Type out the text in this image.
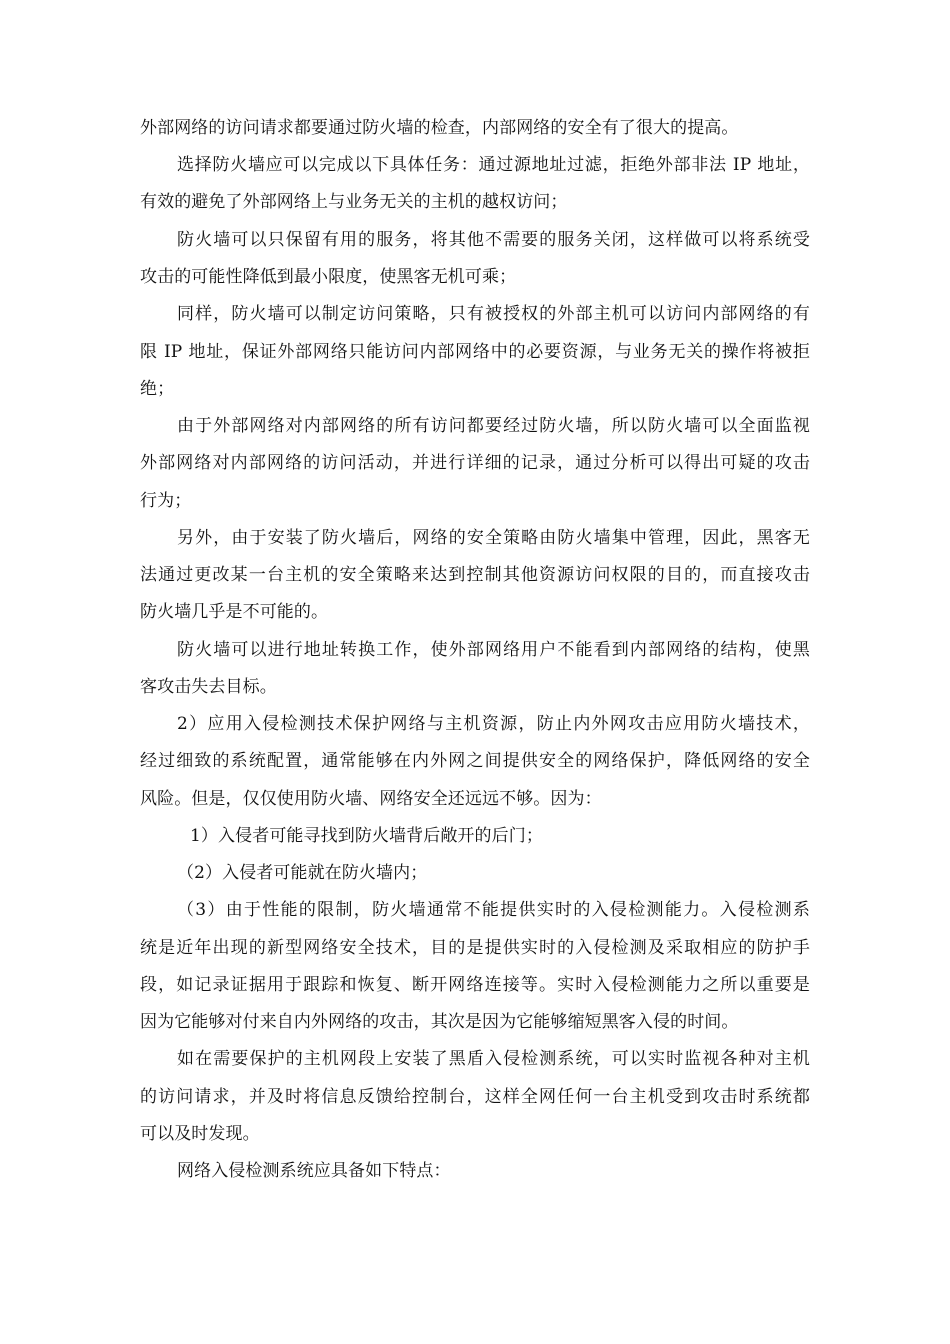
外部网络的访问请求都要通过防火墙的检查，内部网络的安全有了很大的提高。
选择防火墙应可以完成以下具体任务：通过源地址过滤，拒绝外部非法 IP 地址，
有效的避免了外部网络上与业务无关的主机的越权访问；
防火墙可以只保留有用的服务，将其他不需要的服务关闭，这样做可以将系统受
攻击的可能性降低到最小限度，使黑客无机可乘；
同样，防火墙可以制定访问策略，只有被授权的外部主机可以访问内部网络的有
限 IP 地址，保证外部网络只能访问内部网络中的必要资源，与业务无关的操作将被拒
绝；
由于外部网络对内部网络的所有访问都要经过防火墙，所以防火墙可以全面监视
外部网络对内部网络的访问活动，并进行详细的记录，通过分析可以得出可疑的攻击
行为；
另外，由于安装了防火墙后，网络的安全策略由防火墙集中管理，因此，黑客无
法通过更改某一台主机的安全策略来达到控制其他资源访问权限的目的，而直接攻击
防火墙几乎是不可能的。
防火墙可以进行地址转换工作，使外部网络用户不能看到内部网络的结构，使黑
客攻击失去目标。
2）应用入侵检测技术保护网络与主机资源，防止内外网攻击应用防火墙技术，
经过细致的系统配置，通常能够在内外网之间提供安全的网络保护，降低网络的安全
风险。但是，仅仅使用防火墙、网络安全还远远不够。因为：
1）入侵者可能寻找到防火墙背后敞开的后门；
（2）入侵者可能就在防火墙内；
（3）由于性能的限制，防火墙通常不能提供实时的入侵检测能力。入侵检测系
统是近年出现的新型网络安全技术，目的是提供实时的入侵检测及采取相应的防护手
段，如记录证据用于跟踪和恢复、断开网络连接等。实时入侵检测能力之所以重要是
因为它能够对付来自内外网络的攻击，其次是因为它能够缩短黑客入侵的时间。
如在需要保护的主机网段上安装了黑盾入侵检测系统，可以实时监视各种对主机
的访问请求，并及时将信息反馈给控制台，这样全网任何一台主机受到攻击时系统都
可以及时发现。
网络入侵检测系统应具备如下特点：
